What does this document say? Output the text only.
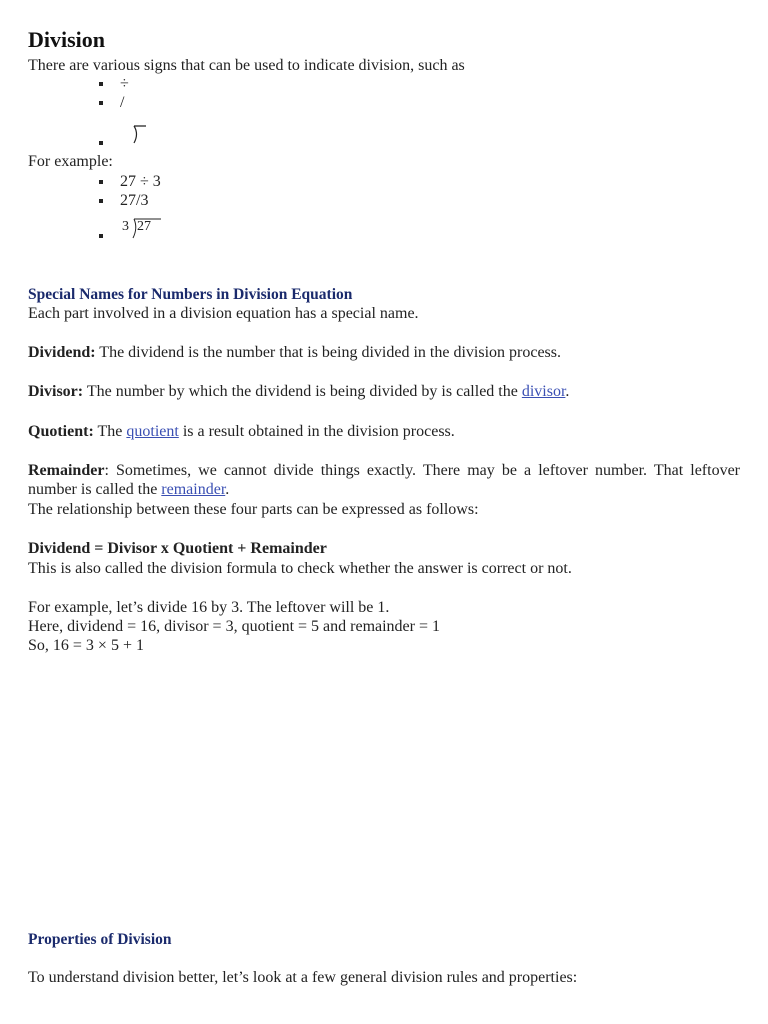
Division
There are various signs that can be used to indicate division, such as
÷
/
For example:
27 ÷ 3
27/3
3 27
Special Names for Numbers in Division Equation
Each part involved in a division equation has a special name.
Dividend: The dividend is the number that is being divided in the division process.
Divisor: The number by which the dividend is being divided by is called the divisor.
Quotient: The quotient is a result obtained in the division process.
Remainder: Sometimes, we cannot divide things exactly. There may be a leftover number. That leftover number is called the remainder.
The relationship between these four parts can be expressed as follows:
Dividend = Divisor x Quotient + Remainder
This is also called the division formula to check whether the answer is correct or not.
For example, let’s divide 16 by 3. The leftover will be 1.
Here, dividend = 16, divisor = 3, quotient = 5 and remainder = 1
So, 16 = 3 × 5 + 1
Properties of Division
To understand division better, let’s look at a few general division rules and properties:
